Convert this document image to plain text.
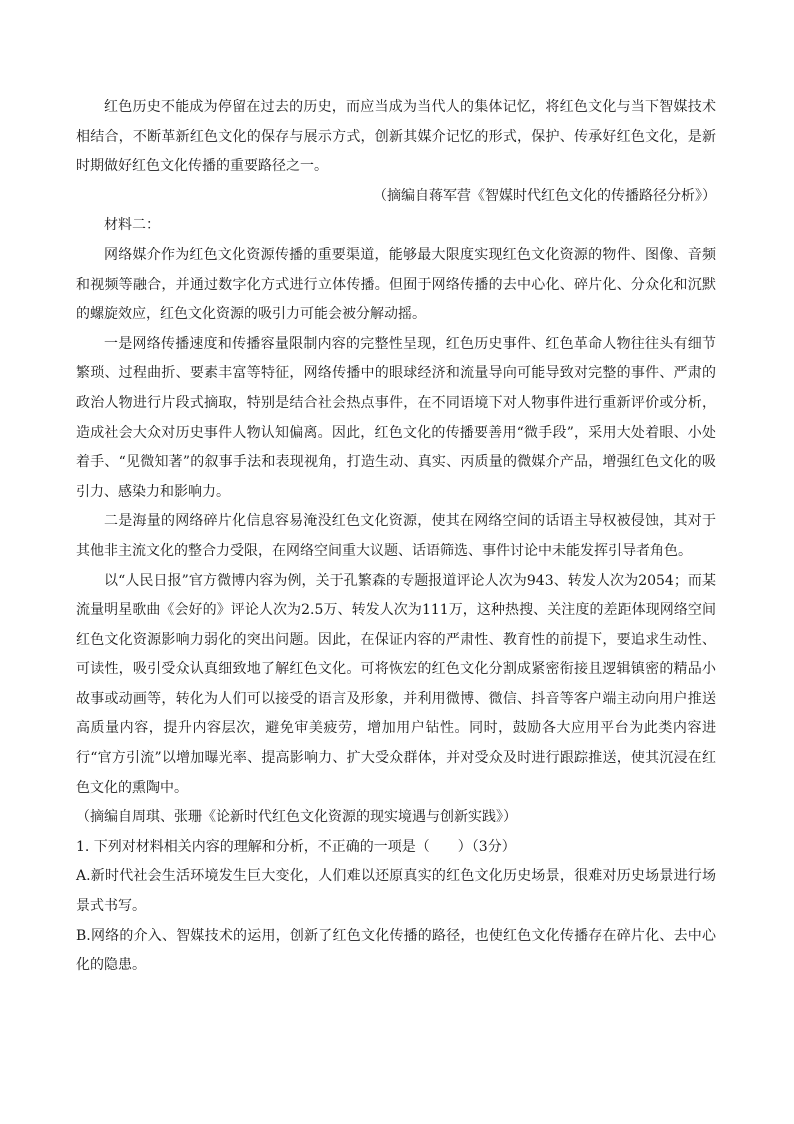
红色历史不能成为停留在过去的历史，而应当成为当代人的集体记忆，将红色文化与当下智媒技术相结合，不断革新红色文化的保存与展示方式，创新其媒介记忆的形式，保护、传承好红色文化，是新时期做好红色文化传播的重要路径之一。

（摘编自蒋军营《智媒时代红色文化的传播路径分析》）

材料二：

网络媒介作为红色文化资源传播的重要渠道，能够最大限度实现红色文化资源的物件、图像、音频和视频等融合，并通过数字化方式进行立体传播。但囿于网络传播的去中心化、碎片化、分众化和沉默的螺旋效应，红色文化资源的吸引力可能会被分解动摇。

一是网络传播速度和传播容量限制内容的完整性呈现，红色历史事件、红色革命人物往往头有细节繁琐、过程曲折、要素丰富等特征，网络传播中的眼球经济和流量导向可能导致对完整的事件、严肃的政治人物进行片段式摘取，特别是结合社会热点事件，在不同语境下对人物事件进行重新评价或分析，造成社会大众对历史事件人物认知偏离。因此，红色文化的传播要善用“微手段”，采用大处着眼、小处着手、“见微知著”的叙事手法和表现视角，打造生动、真实、丙质量的微媒介产品，增强红色文化的吸引力、感染力和影响力。

二是海量的网络碎片化信息容易淹没红色文化资源，使其在网络空间的话语主导权被侵蚀，其对于其他非主流文化的整合力受限，在网络空间重大议题、话语筛选、事件讨论中未能发挥引导者角色。

以“人民日报”官方微博内容为例，关于孔繁森的专题报道评论人次为943、转发人次为2054；而某流量明星歌曲《会好的》评论人次为2.5万、转发人次为111万，这种热搜、关注度的差距体现网络空间红色文化资源影响力弱化的突出问题。因此，在保证内容的严肃性、教育性的前提下，要追求生动性、可读性，吸引受众认真细致地了解红色文化。可将恢宏的红色文化分割成紧密衔接且逻辑镇密的精品小故事或动画等，转化为人们可以接受的语言及形象，并利用微博、微信、抖音等客户端主动向用户推送高质量内容，提升内容层次，避免审美疲劳，增加用户钻性。同时，鼓励各大应用平台为此类内容进行“官方引流”以增加曝光率、提高影响力、扩大受众群体，并对受众及时进行跟踪推送，使其沉浸在红色文化的熏陶中。

（摘编自周琪、张珊《论新时代红色文化资源的现实境遇与创新实践》）

1. 下列对材料相关内容的理解和分析，不正确的一项是（　　）（3分）

A.新时代社会生活环境发生巨大变化，人们难以还原真实的红色文化历史场景，很难对历史场景进行场景式书写。

B.网络的介入、智媒技术的运用，创新了红色文化传播的路径，也使红色文化传播存在碎片化、去中心化的隐患。
